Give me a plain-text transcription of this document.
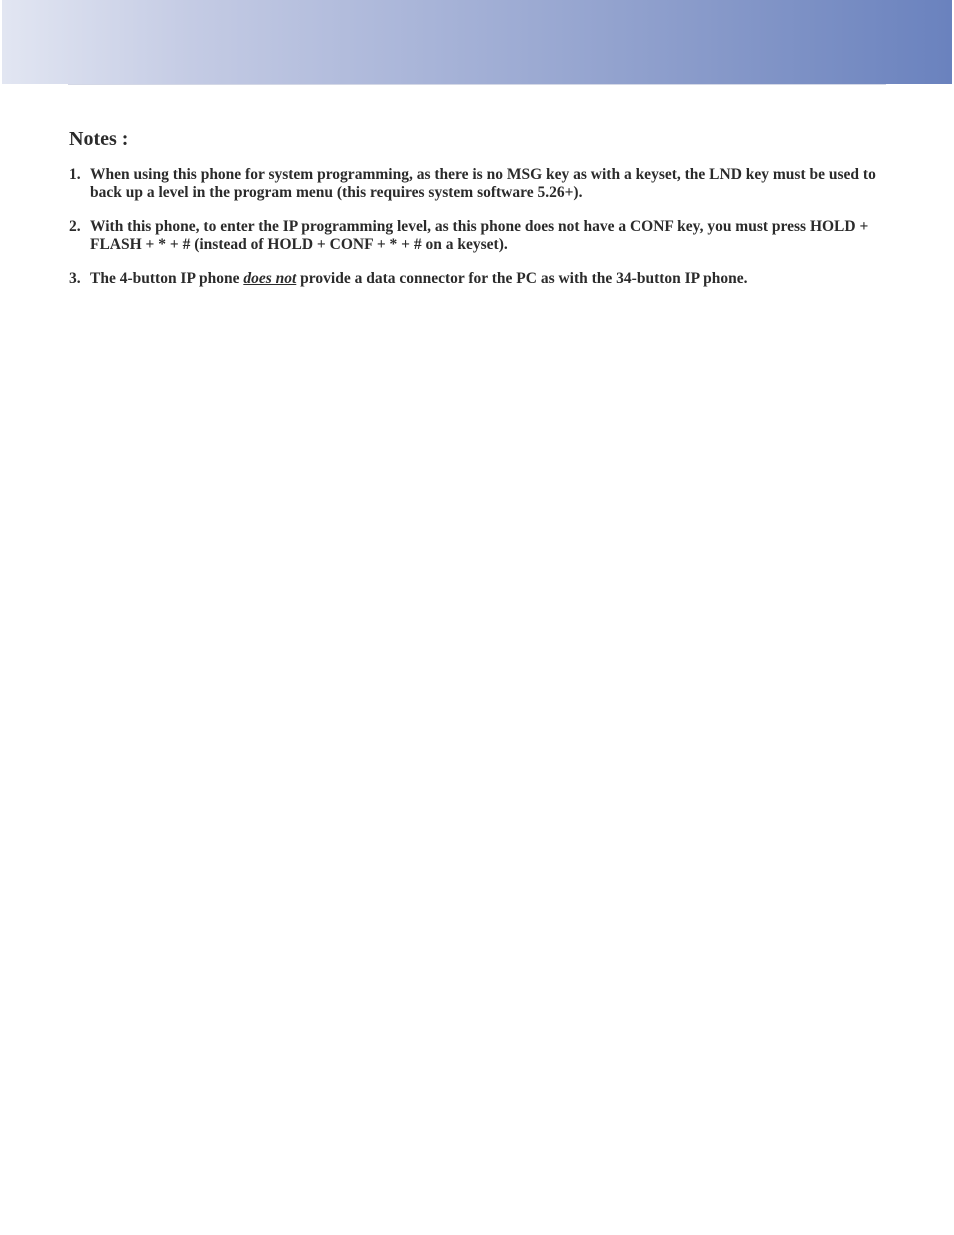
Notes :
1. When using this phone for system programming, as there is no MSG key as with a keyset, the LND key must be used to back up a level in the program menu (this requires system software 5.26+).
2. With this phone, to enter the IP programming level, as this phone does not have a CONF key, you must press HOLD + FLASH + * + # (instead of HOLD + CONF + * + # on a keyset).
3. The 4-button IP phone does not provide a data connector for the PC as with the 34-button IP phone.
